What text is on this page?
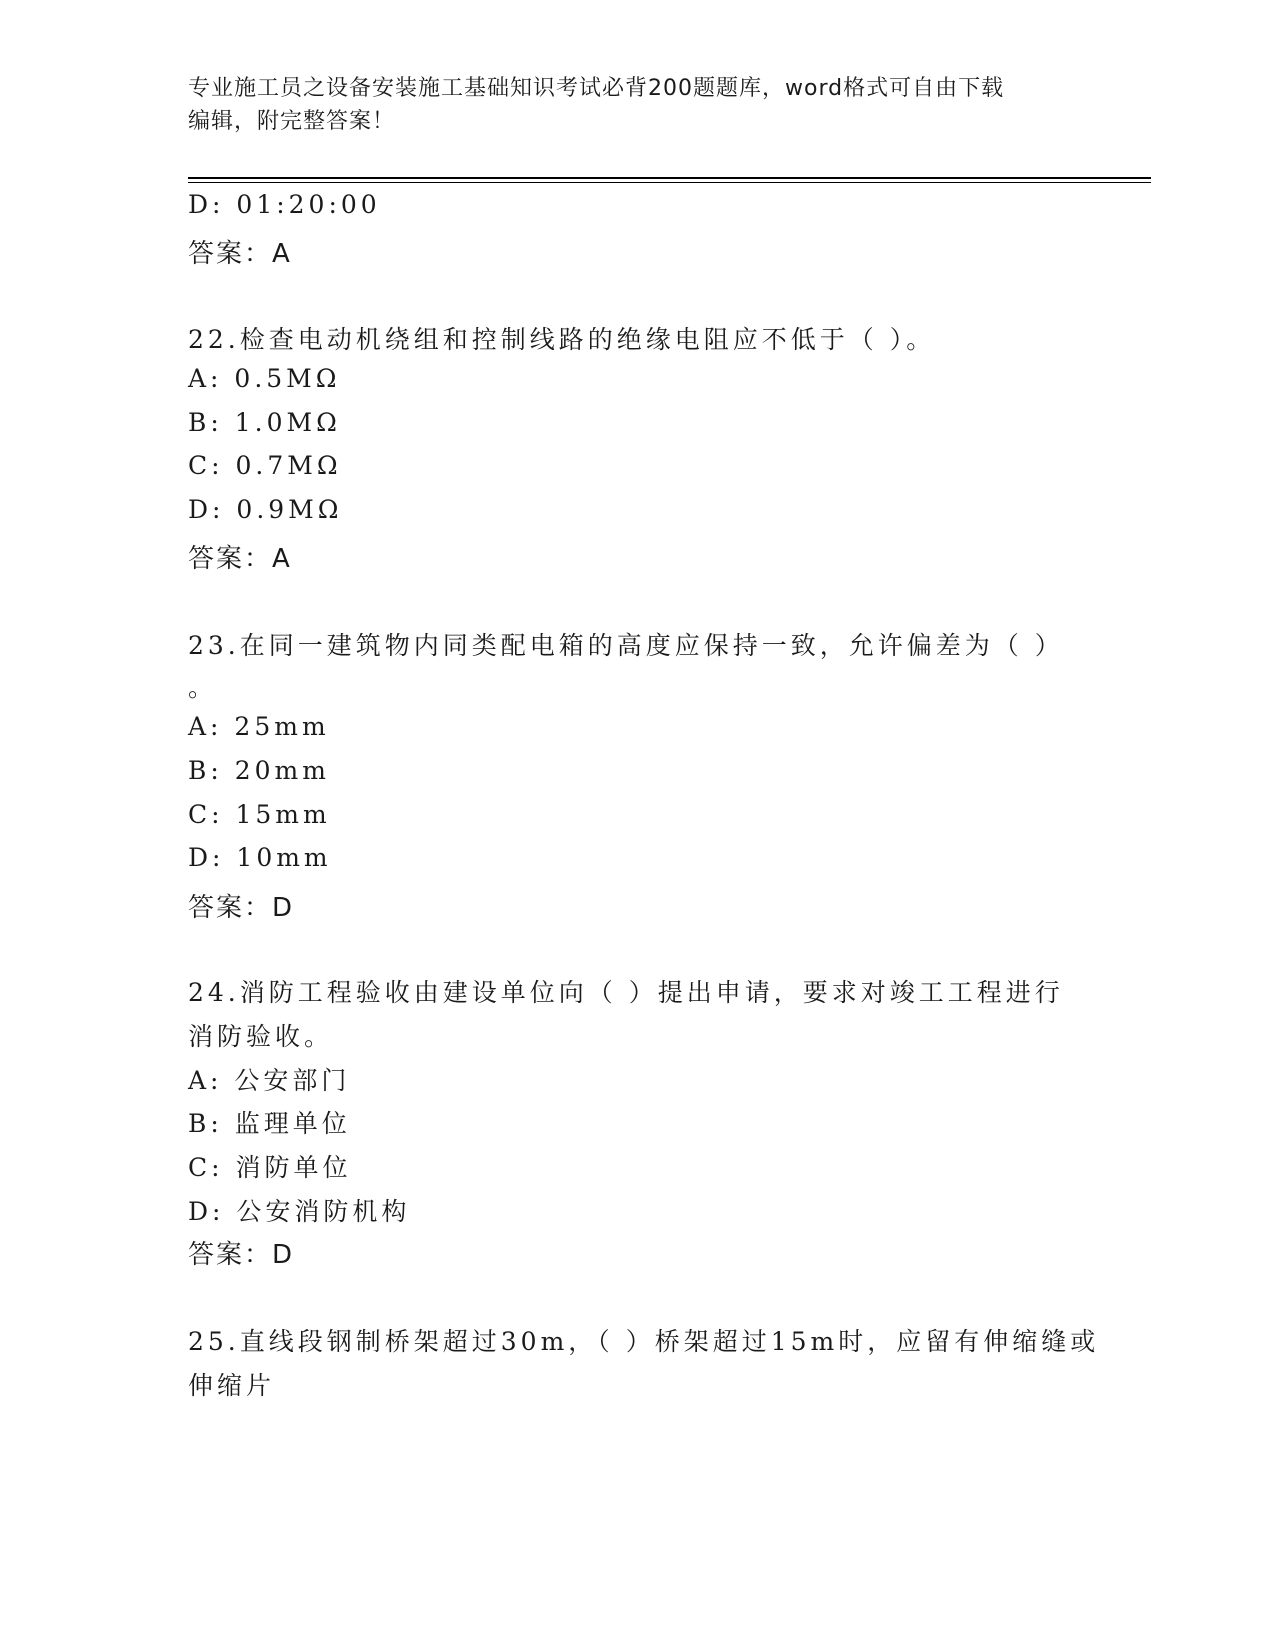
专业施工员之设备安装施工基础知识考试必背200题题库，word格式可自由下载
编辑，附完整答案！
D: 01:20:00
答案：A
22.检查电动机绕组和控制线路的绝缘电阻应不低于（ ）。
A: 0.5MΩ
B: 1.0MΩ
C: 0.7MΩ
D: 0.9MΩ
答案：A
23.在同一建筑物内同类配电箱的高度应保持一致，允许偏差为（ ）
。
A: 25mm
B: 20mm
C: 15mm
D: 10mm
答案：D
24.消防工程验收由建设单位向（ ）提出申请，要求对竣工工程进行
消防验收。
A: 公安部门
B: 监理单位
C: 消防单位
D: 公安消防机构
答案：D
25.直线段钢制桥架超过30m，（ ）桥架超过15m时，应留有伸缩缝或
伸缩片
